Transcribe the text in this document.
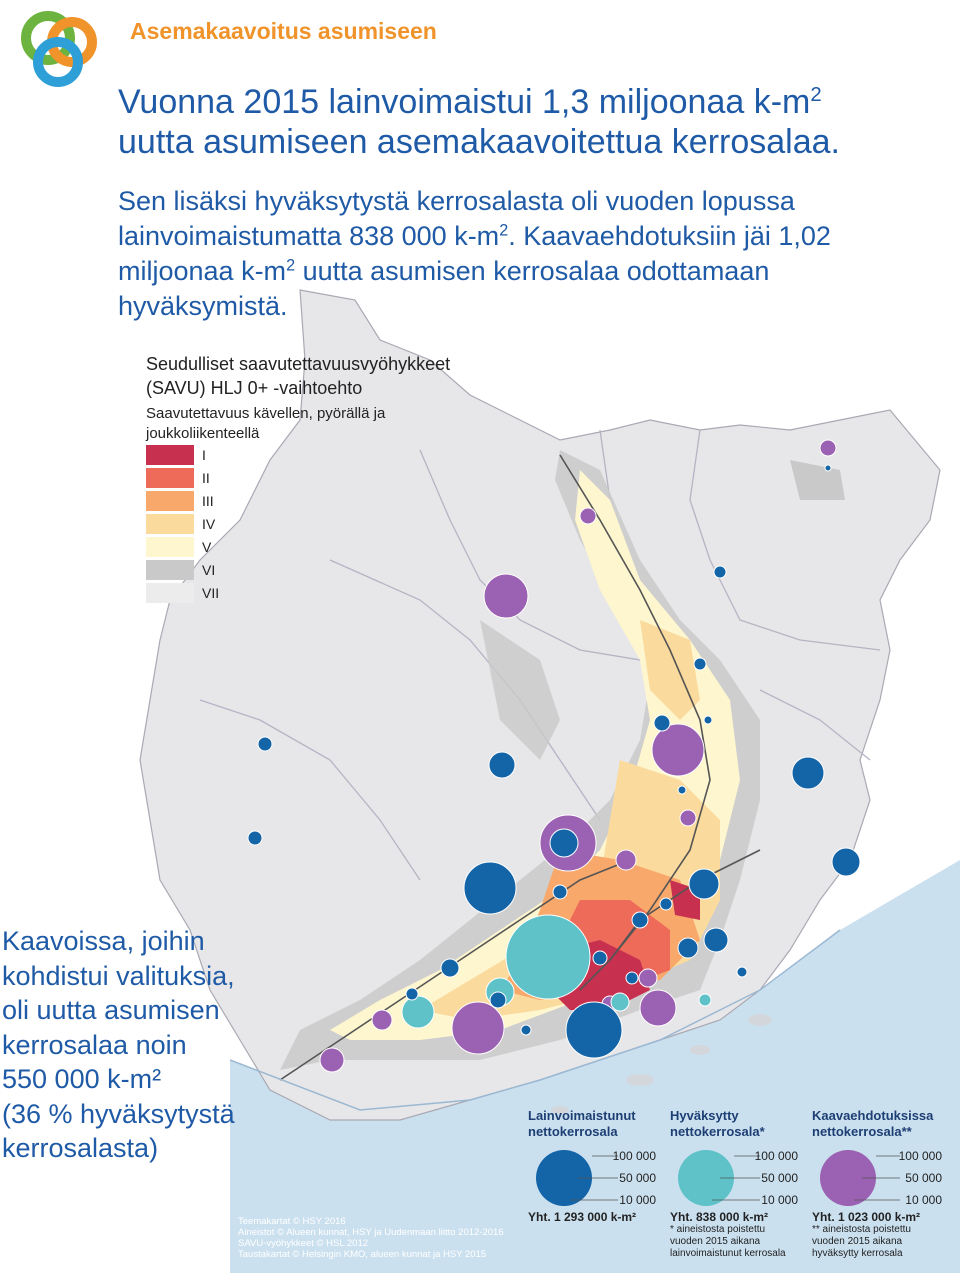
Asemakaavoitus asumiseen
Vuonna 2015 lainvoimaistui 1,3 miljoonaa $k-m^2$
uutta asumiseen asemakaavoitettua kerrosalaa.
Sen lisäksi hyväksytystä kerrosalasta oli vuoden lopussa lainvoimaistumatta 838 000 $k-m^2$. Kaavaehdotuksiin jäi 1,02 miljoonaa $k-m^2$ uutta asumisen kerrosalaa odottamaan hyväksymistä.
Seudulliset saavutettavuusvyöhykkeet
(SAVU) HLJ 0+ -vaihtoehto
Saavutettavuus kävellen, pyörällä ja
joukkoliikenteellä
I
II
III
IV
V
VI
VII
Kaavoissa, joihin
kohdistui valituksia,
oli uutta asumisen
kerrosalaa noin
550 000 k-m²
(36 % hyväksytystä
kerrosalasta)
Lainvoimaistunut
nettokerrosala
100 000
50 000
10 000
Hyväksytty
nettokerrosala*
100 000
50 000
10 000
Kaavaehdotuksissa
nettokerrosala**
100 000
50 000
10 000
Yht. 1 293 000 k-m²	Yht. 838 000 k-m²
* aineistosta poistettu
vuoden 2015 aikana
lainvoimaistunut kerrosala
Yht. 1 023 000 k-m²
** aineistosta poistettu
vuoden 2015 aikana
hyväksytty kerrosala
Teemakartat © HSY 2016
Aineistot © Alueen kunnat, HSY ja Uudenmaan liitto 2012-2016
SAVU-vyöhykkeet © HSL 2012
Taustakartat © Helsingin KMO, alueen kunnat ja HSY 2015
